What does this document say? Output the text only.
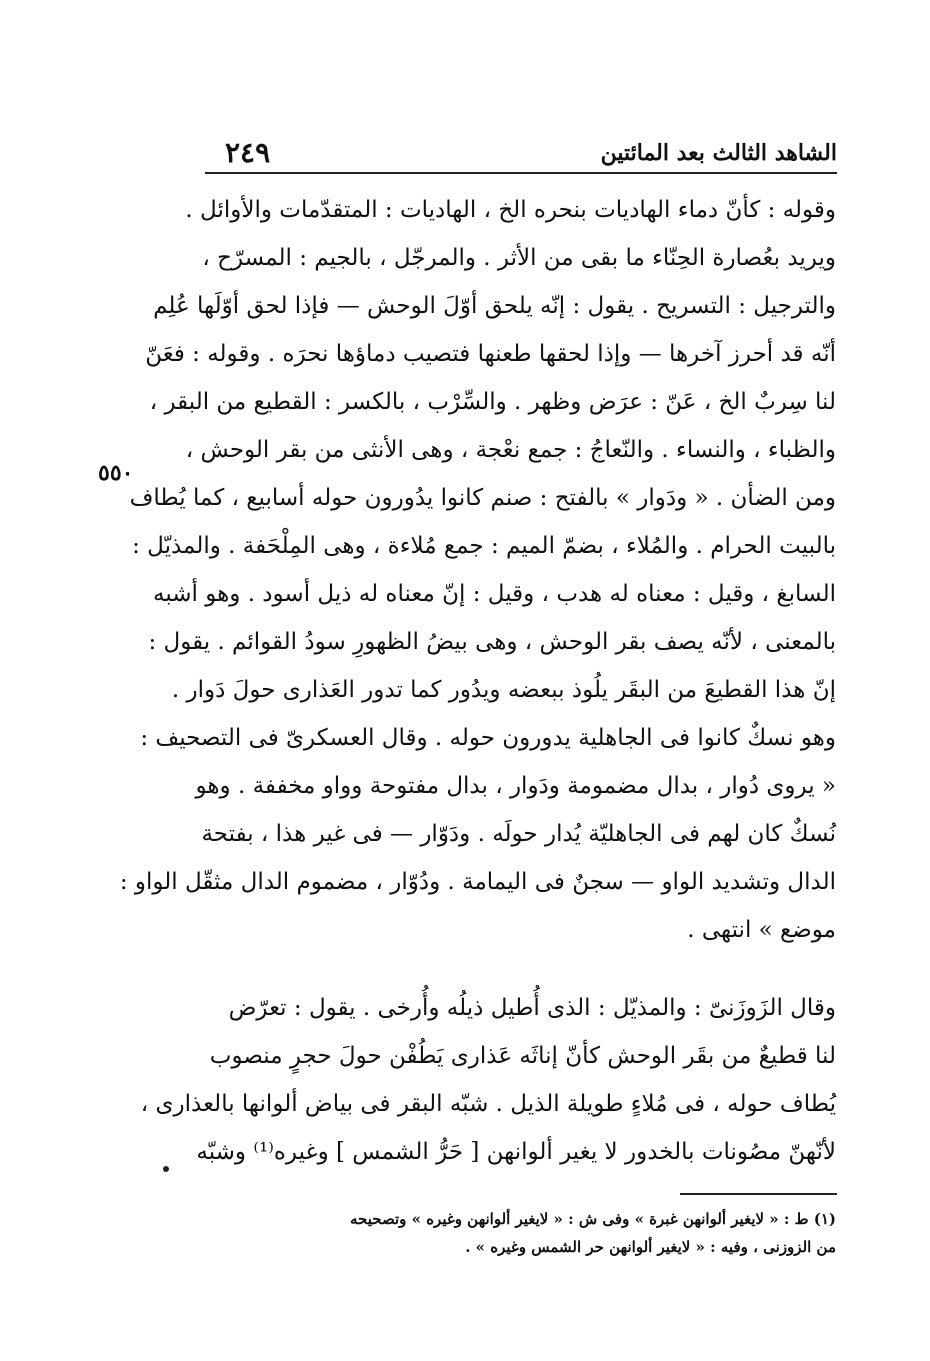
الشاهد الثالث بعد المائتين
٢٤٩
٥٥٠

وقوله : كأنّ دماء الهاديات بنحره الخ ، الهاديات : المتقدّمات والأوائل .
ويريد بعُصارة الحِنّاء ما بقى من الأثر . والمرجّل ، بالجيم : المسرّح ،
والترجيل : التسريح . يقول : إنّه يلحق أوّلَ الوحش — فإذا لحق أوّلَها عُلِم
أنّه قد أحرز آخرها — وإذا لحقها طعنها فتصيب دماؤها نحرَه . وقوله : فعَنّ
لنا سِربٌ الخ ، عَنّ : عرَض وظهر . والسِّرْب ، بالكسر : القطيع من البقر ،
والظباء ، والنساء . والنّعاجُ : جمع نعْجة ، وهى الأنثى من بقر الوحش ،
ومن الضأن . « ودَوار » بالفتح : صنم كانوا يدُورون حوله أسابيع ، كما يُطاف
بالبيت الحرام . والمُلاء ، بضمّ الميم : جمع مُلاءة ، وهى المِلْحَفة . والمذيّل :
السابغ ، وقيل : معناه له هدب ، وقيل : إنّ معناه له ذيل أسود . وهو أشبه
بالمعنى ، لأنّه يصف بقر الوحش ، وهى بيضُ الظهورِ سودُ القوائم . يقول :
إنّ هذا القطيعَ من البقَر يلُوذ ببعضه ويدُور كما تدور العَذارى حولَ دَوار .
وهو نسكٌ كانوا فى الجاهلية يدورون حوله . وقال العسكرىّ فى التصحيف :
« يروى دُوار ، بدال مضمومة ودَوار ، بدال مفتوحة وواو مخففة . وهو
نُسكٌ كان لهم فى الجاهليّة يُدار حولَه . ودَوّار — فى غير هذا ، بفتحة
الدال وتشديد الواو — سجنٌ فى اليمامة . ودُوّار ، مضموم الدال مثقّل الواو :
موضع » انتهى .

وقال الزَوزَنىّ : والمذيّل : الذى أُطيل ذيلُه وأُرخى . يقول : تعرّض
لنا قطيعٌ من بقَر الوحش كأنّ إناثَه عَذارى يَطُفْن حولَ حجرٍ منصوب
يُطاف حوله ، فى مُلاءٍ طويلة الذيل . شبّه البقر فى بياض ألوانها بالعذارى ،
لأنّهنّ مصُونات بالخدور لا يغير ألوانهن [ حَرُّ الشمس ] وغيره⁽¹⁾ وشبّه

(١) ط : « لايغير ألوانهن غبرة » وفى ش : « لايغير ألوانهن وغيره » وتصحيحه
من الزوزنى ، وفيه : « لايغير ألوانهن حر الشمس وغيره » .
